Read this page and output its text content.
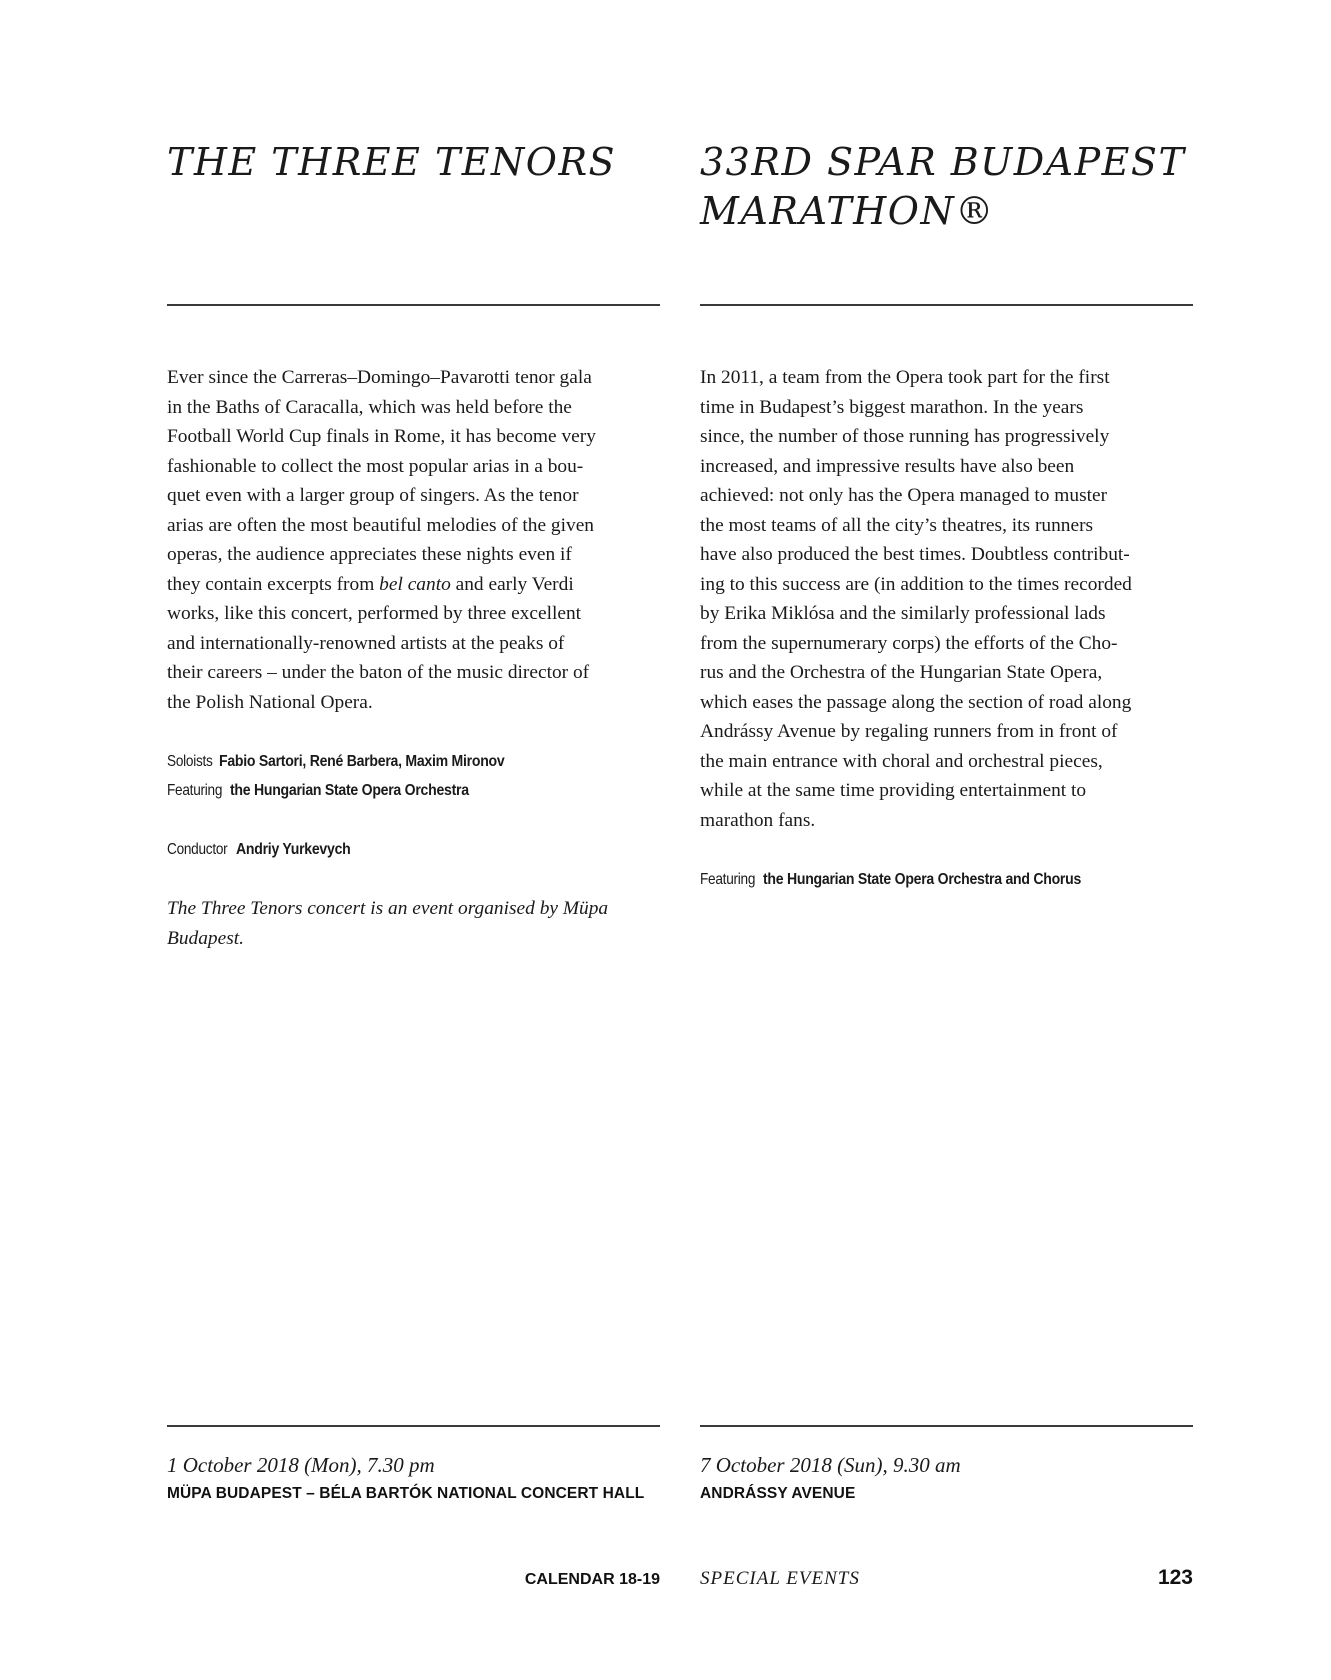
THE THREE TENORS

Ever since the Carreras–Domingo–Pavarotti tenor gala

in the Baths of Caracalla, which was held before the

Football World Cup finals in Rome, it has become very

fashionable to collect the most popular arias in a bou-

quet even with a larger group of singers. As the tenor

arias are often the most beautiful melodies of the given

operas, the audience appreciates these nights even if

they contain excerpts from bel canto and early Verdi

works, like this concert, performed by three excellent

and internationally-renowned artists at the peaks of

their careers – under the baton of the music director of

the Polish National Opera.

Soloists Fabio Sartori, René Barbera, Maxim Mironov
Featuring the Hungarian State Opera Orchestra
Conductor Andriy Yurkevych

The Three Tenors concert is an event organised by Müpa

Budapest.

1 October 2018 (Mon), 7.30 pm

MÜPA BUDAPEST – BÉLA BARTÓK NATIONAL CONCERT HALL

33RD SPAR BUDAPEST
MARATHON®

In 2011, a team from the Opera took part for the first

time in Budapest’s biggest marathon. In the years

since, the number of those running has progressively

increased, and impressive results have also been

achieved: not only has the Opera managed to muster

the most teams of all the city’s theatres, its runners

have also produced the best times. Doubtless contribut-

ing to this success are (in addition to the times recorded

by Erika Miklósa and the similarly professional lads

from the supernumerary corps) the efforts of the Cho-

rus and the Orchestra of the Hungarian State Opera,

which eases the passage along the section of road along

Andrássy Avenue by regaling runners from in front of

the main entrance with choral and orchestral pieces,

while at the same time providing entertainment to

marathon fans.

Featuring the Hungarian State Opera Orchestra and Chorus

7 October 2018 (Sun), 9.30 am

ANDRÁSSY AVENUE

CALENDAR 18-19 SPECIAL EVENTS	123
